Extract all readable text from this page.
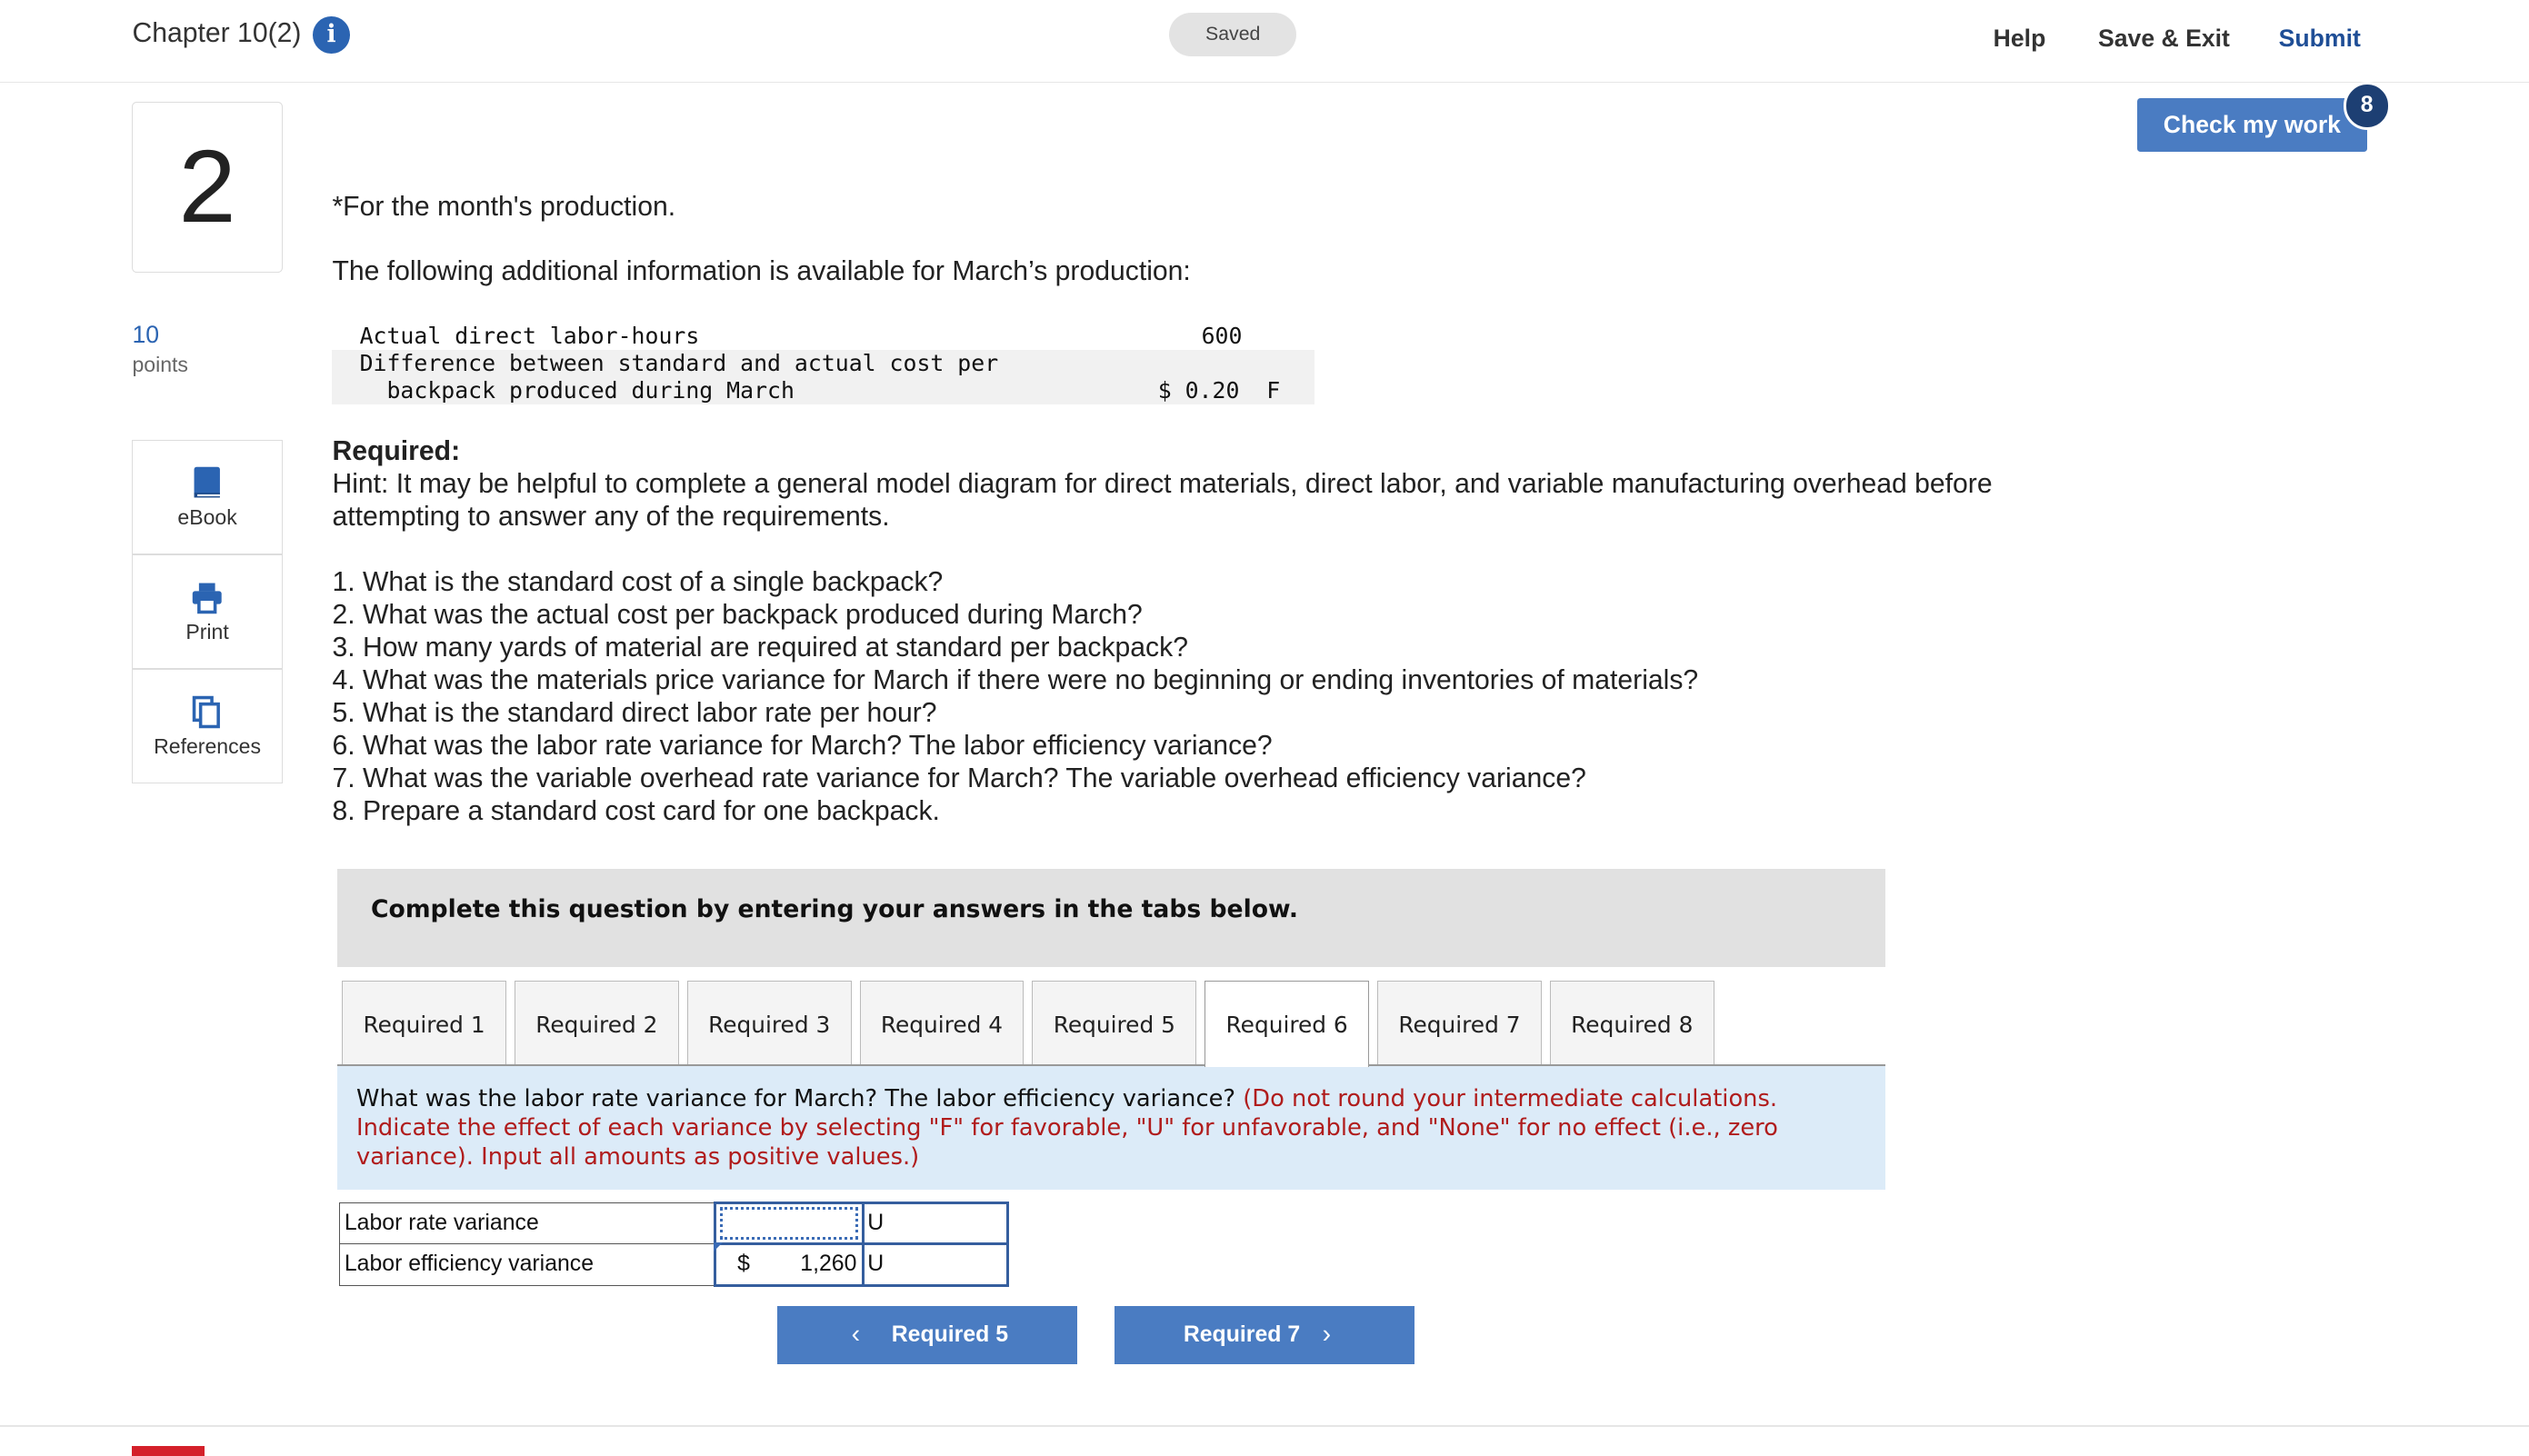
Chapter 10(2)	i	Saved	Help	Save & Exit	Submit
Check my work
8
2
10
points
eBook
Print
References
*For the month's production.
The following additional information is available for March’s production:
Actual direct labor-hours	600
Difference between standard and actual cost per
backpack produced during March	$ 0.20  F
Required:
Hint: It may be helpful to complete a general model diagram for direct materials, direct labor, and variable manufacturing overhead before attempting to answer any of the requirements.
1. What is the standard cost of a single backpack?
2. What was the actual cost per backpack produced during March?
3. How many yards of material are required at standard per backpack?
4. What was the materials price variance for March if there were no beginning or ending inventories of materials?
5. What is the standard direct labor rate per hour?
6. What was the labor rate variance for March? The labor efficiency variance?
7. What was the variable overhead rate variance for March? The variable overhead efficiency variance?
8. Prepare a standard cost card for one backpack.
Complete this question by entering your answers in the tabs below.
Required 1	Required 2	Required 3	Required 4	Required 5	Required 6	Required 7	Required 8

What was the labor rate variance for March? The labor efficiency variance? (Do not round your intermediate calculations. Indicate the effect of each variance by selecting "F" for favorable, "U" for unfavorable, and "None" for no effect (i.e., zero variance). Input all amounts as positive values.)

Labor rate variance		U
Labor efficiency variance	$ 1,260	U
‹ Required 5	Required 7 ›
